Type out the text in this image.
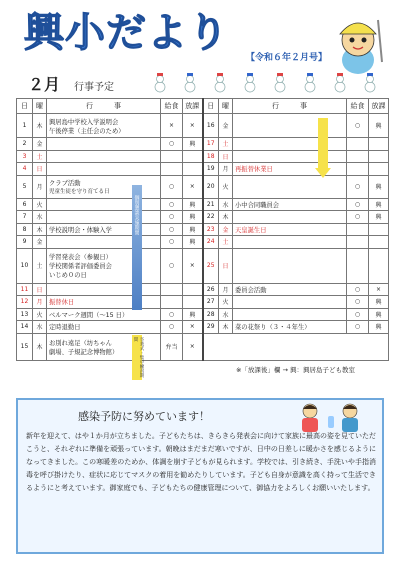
興小だより
【令和６年２月号】
２月 行事予定
日	曜	行　　　事	給食	放課	日	曜	行　　　事	給食	放課
1	木	興居島中学校入学説明会
午後停業（主任会のため）	×	×	16	金		○	興
2	金		○	興	17	土			
3	土				18	日			
4	日				19	月	再振替休業日		
5	月	クラブ活動
児童生徒を守り育てる日	○	×	20	火		○	興
6	火		○	興	21	水	小中合同職員会	○	興
7	水		○	興	22	木		○	興
8	木	学校説明会・体験入学	○	興	23	金	天皇誕生日		
9	金		○	興	24	土			
10	土	学習発表会（参観日）
学校関係者評価委員会
いじめ０の日	○	×	25	日			
11	日				26	月	委員会活動	○	×
12	月	振替休日			27	火		○	興
13	火	ベルマーク週間（～15 日）	○	興	28	水		○	興
14	水	定時退勤日	○	×	29	木	菜の花祭り（３・４年生）	○	興
15	木	お別れ遠足（坊ちゃん
劇場、子規記念博物館）	弁当	×					
					※「放課後」欄 → 興：興居島子ども教室				
個別懇談実施期間
卒業式・集中練習期間
感染予防に努めています！
新年を迎えて、はや１か月が立ちました。子どもたちは、きらきら発表会に向けて家族に最高の姿を見ていただこうと、それぞれに準備を頑張っています。朝晩はまだまだ寒いですが、日中の日差しに暖かさを感じるようになってきました。この寒暖差のためか、体調を崩す子どもが見られます。学校では、引き続き、手洗いや手指消毒を呼び掛けたり、症状に応じてマスクの着用を勧めたりしています。子ども自身が意識を高く持って生活できるようにと考えています。御家庭でも、子どもたちの健康管理について、御協力をよろしくお願いいたします。
